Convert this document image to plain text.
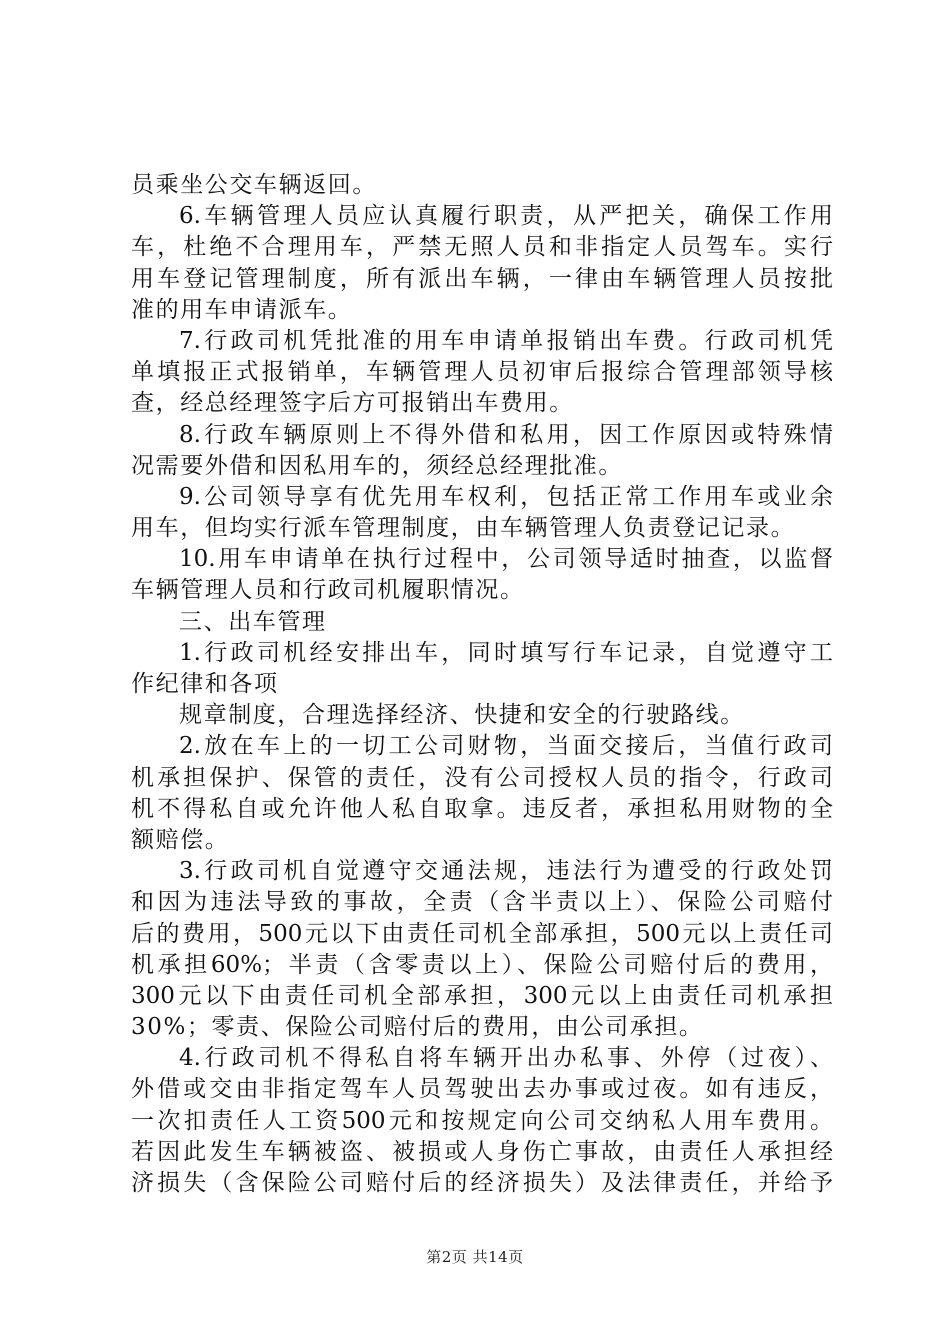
员乘坐公交车辆返回。
6.车辆管理人员应认真履行职责，从严把关，确保工作用
车，杜绝不合理用车，严禁无照人员和非指定人员驾车。实行
用车登记管理制度，所有派出车辆，一律由车辆管理人员按批
准的用车申请派车。
7.行政司机凭批准的用车申请单报销出车费。行政司机凭
单填报正式报销单，车辆管理人员初审后报综合管理部领导核
查，经总经理签字后方可报销出车费用。
8.行政车辆原则上不得外借和私用，因工作原因或特殊情
况需要外借和因私用车的，须经总经理批准。
9.公司领导享有优先用车权利，包括正常工作用车或业余
用车，但均实行派车管理制度，由车辆管理人负责登记记录。
10.用车申请单在执行过程中，公司领导适时抽查，以监督
车辆管理人员和行政司机履职情况。
三、出车管理
1.行政司机经安排出车，同时填写行车记录，自觉遵守工
作纪律和各项
规章制度，合理选择经济、快捷和安全的行驶路线。
2.放在车上的一切工公司财物，当面交接后，当值行政司
机承担保护、保管的责任，没有公司授权人员的指令，行政司
机不得私自或允许他人私自取拿。违反者，承担私用财物的全
额赔偿。
3.行政司机自觉遵守交通法规，违法行为遭受的行政处罚
和因为违法导致的事故，全责（含半责以上）、保险公司赔付
后的费用，500元以下由责任司机全部承担，500元以上责任司
机承担60%；半责（含零责以上）、保险公司赔付后的费用，
300元以下由责任司机全部承担，300元以上由责任司机承担
30%；零责、保险公司赔付后的费用，由公司承担。
4.行政司机不得私自将车辆开出办私事、外停（过夜）、
外借或交由非指定驾车人员驾驶出去办事或过夜。如有违反，
一次扣责任人工资500元和按规定向公司交纳私人用车费用。
若因此发生车辆被盗、被损或人身伤亡事故，由责任人承担经
济损失（含保险公司赔付后的经济损失）及法律责任，并给予
第2页 共14页
